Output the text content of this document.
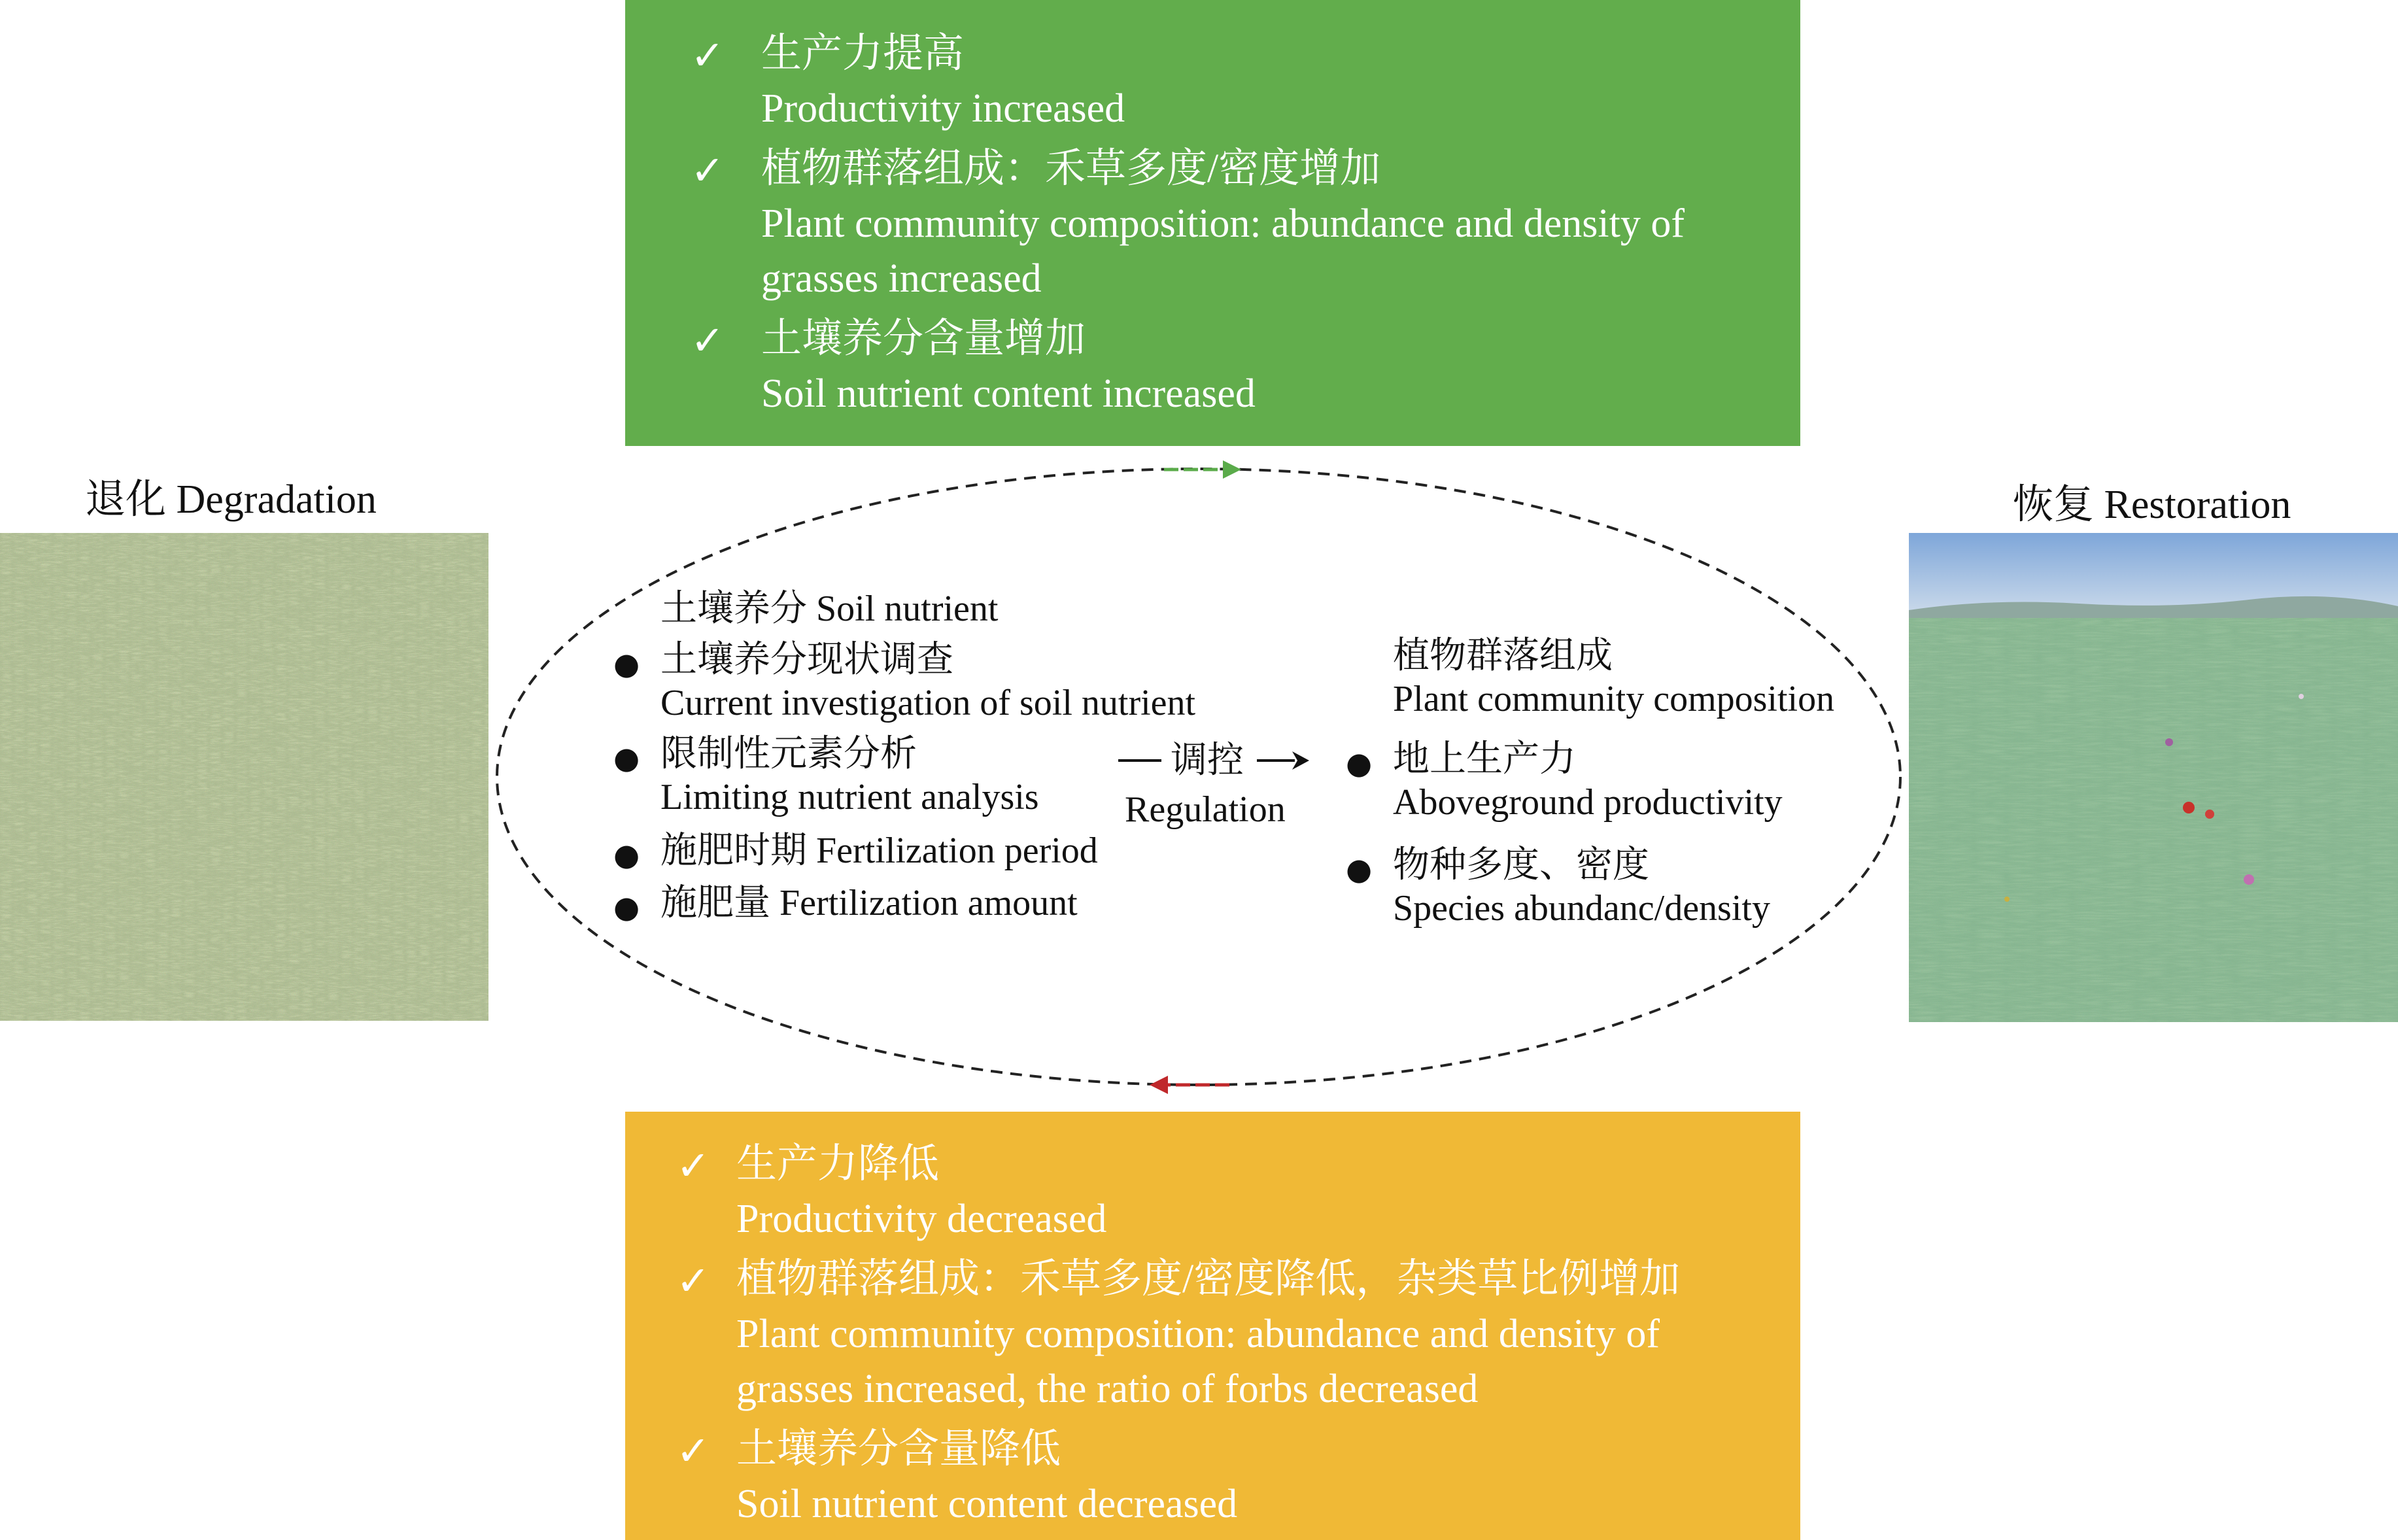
✓ 生产力提高
Productivity increased
✓ 植物群落组成：禾草多度/密度增加
Plant community composition: abundance and density of
grasses increased
✓ 土壤养分含量增加
Soil nutrient content increased
✓ 生产力降低
Productivity decreased
✓ 植物群落组成：禾草多度/密度降低，杂类草比例增加
Plant community composition: abundance and density of
grasses increased, the ratio of forbs decreased
✓ 土壤养分含量降低
Soil nutrient content decreased
退化 Degradation	恢复 Restoration
土壤养分 Soil nutrient
● 土壤养分现状调查
Current investigation of soil nutrient
● 限制性元素分析
Limiting nutrient analysis
● 施肥时期 Fertilization period
● 施肥量 Fertilization amount
调控
Regulation
植物群落组成
Plant community composition
● 地上生产力
Aboveground productivity
● 物种多度、密度
Species abundanc/density
